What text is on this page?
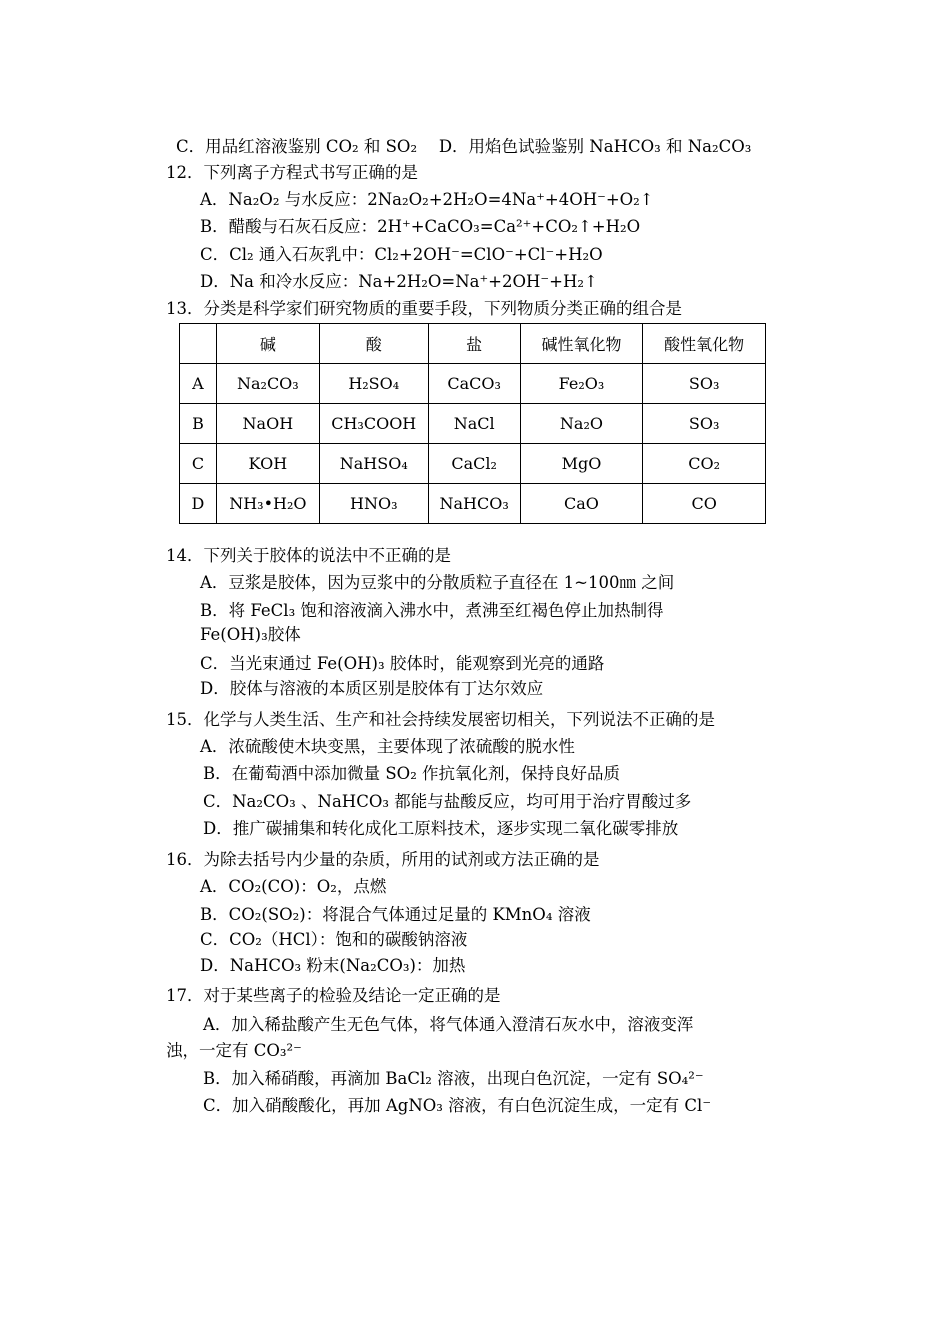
C．用品红溶液鉴别 CO₂ 和 SO₂　 D．用焰色试验鉴别 NaHCO₃ 和 Na₂CO₃
12．下列离子方程式书写正确的是
A．Na₂O₂ 与水反应：2Na₂O₂+2H₂O=4Na⁺+4OH⁻+O₂↑
B．醋酸与石灰石反应：2H⁺+CaCO₃=Ca²⁺+CO₂↑+H₂O
C．Cl₂ 通入石灰乳中：Cl₂+2OH⁻=ClO⁻+Cl⁻+H₂O
D．Na 和冷水反应：Na+2H₂O=Na⁺+2OH⁻+H₂↑
13．分类是科学家们研究物质的重要手段，下列物质分类正确的组合是
	碱	酸	盐	碱性氧化物	酸性氧化物
A	Na₂CO₃	H₂SO₄	CaCO₃	Fe₂O₃	SO₃
B	NaOH	CH₃COOH	NaCl	Na₂O	SO₃
C	KOH	NaHSO₄	CaCl₂	MgO	CO₂
D	NH₃•H₂O	HNO₃	NaHCO₃	CaO	CO
14．下列关于胶体的说法中不正确的是
A．豆浆是胶体，因为豆浆中的分散质粒子直径在 1~100㎚ 之间
B．将 FeCl₃ 饱和溶液滴入沸水中，煮沸至红褐色停止加热制得
Fe(OH)₃胶体
C．当光束通过 Fe(OH)₃ 胶体时，能观察到光亮的通路
D．胶体与溶液的本质区别是胶体有丁达尔效应
15．化学与人类生活、生产和社会持续发展密切相关，下列说法不正确的是
A．浓硫酸使木块变黑，主要体现了浓硫酸的脱水性
B．在葡萄酒中添加微量 SO₂ 作抗氧化剂，保持良好品质
C．Na₂CO₃ 、NaHCO₃ 都能与盐酸反应，均可用于治疗胃酸过多
D．推广碳捕集和转化成化工原料技术，逐步实现二氧化碳零排放
16．为除去括号内少量的杂质，所用的试剂或方法正确的是
A．CO₂(CO)：O₂，点燃
B．CO₂(SO₂)：将混合气体通过足量的 KMnO₄ 溶液
C．CO₂（HCl）：饱和的碳酸钠溶液
D．NaHCO₃ 粉末(Na₂CO₃)：加热
17．对于某些离子的检验及结论一定正确的是
A．加入稀盐酸产生无色气体，将气体通入澄清石灰水中，溶液变浑
浊，一定有 CO₃²⁻
B．加入稀硝酸，再滴加 BaCl₂ 溶液，出现白色沉淀，一定有 SO₄²⁻
C．加入硝酸酸化，再加 AgNO₃ 溶液，有白色沉淀生成，一定有 Cl⁻
